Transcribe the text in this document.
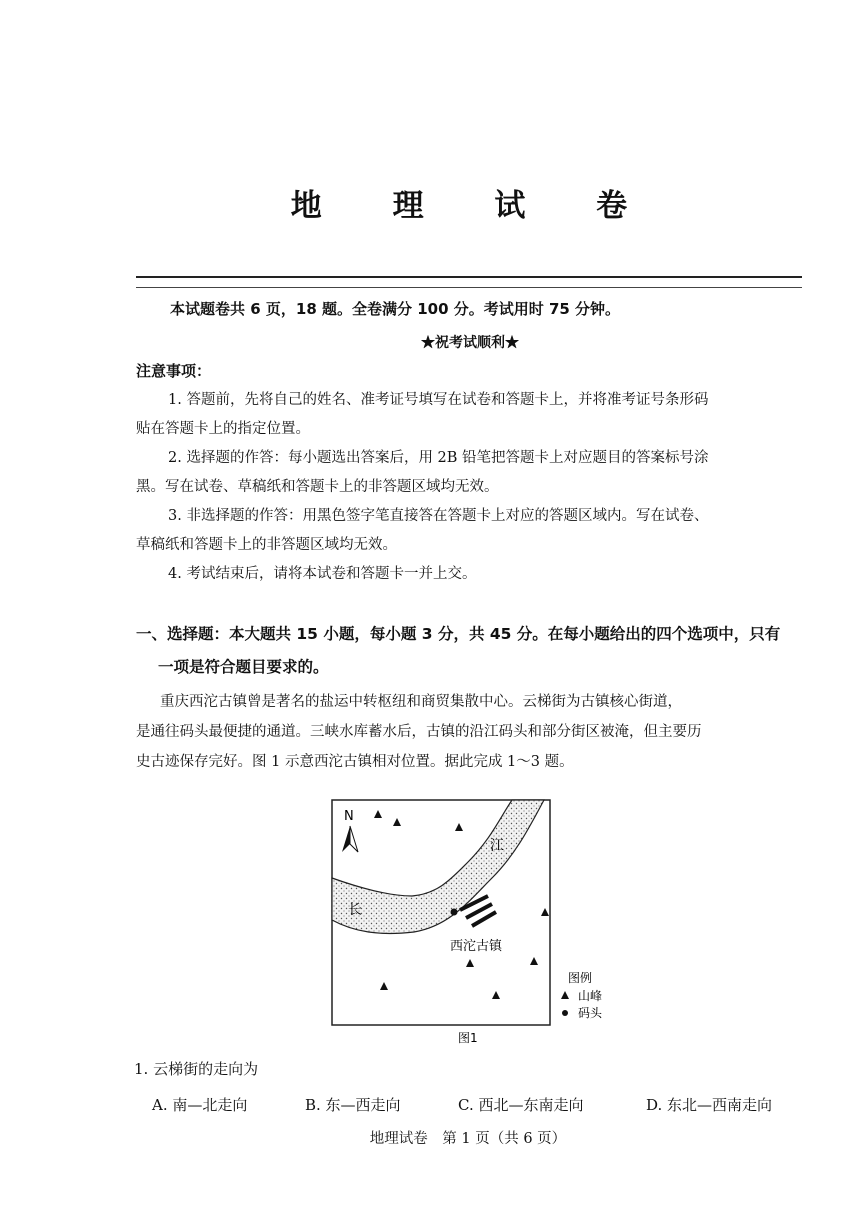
地 理 试 卷
本试题卷共 6 页，18 题。全卷满分 100 分。考试用时 75 分钟。
★祝考试顺利★
注意事项：
1. 答题前，先将自己的姓名、准考证号填写在试卷和答题卡上，并将准考证号条形码
贴在答题卡上的指定位置。
2. 选择题的作答：每小题选出答案后，用 2B 铅笔把答题卡上对应题目的答案标号涂
黑。写在试卷、草稿纸和答题卡上的非答题区域均无效。
3. 非选择题的作答：用黑色签字笔直接答在答题卡上对应的答题区域内。写在试卷、
草稿纸和答题卡上的非答题区域均无效。
4. 考试结束后，请将本试卷和答题卡一并上交。
一、选择题：本大题共 15 小题，每小题 3 分，共 45 分。在每小题给出的四个选项中，只有
一项是符合题目要求的。
重庆西沱古镇曾是著名的盐运中转枢纽和商贸集散中心。云梯街为古镇核心街道，
是通往码头最便捷的通道。三峡水库蓄水后，古镇的沿江码头和部分街区被淹，但主要历
史古迹保存完好。图 1 示意西沱古镇相对位置。据此完成 1～3 题。
N
江
长
西沱古镇
图例
山峰
码头
图1
1. 云梯街的走向为
A. 南—北走向	B. 东—西走向	C. 西北—东南走向	D. 东北—西南走向
地理试卷　第 1 页（共 6 页）
